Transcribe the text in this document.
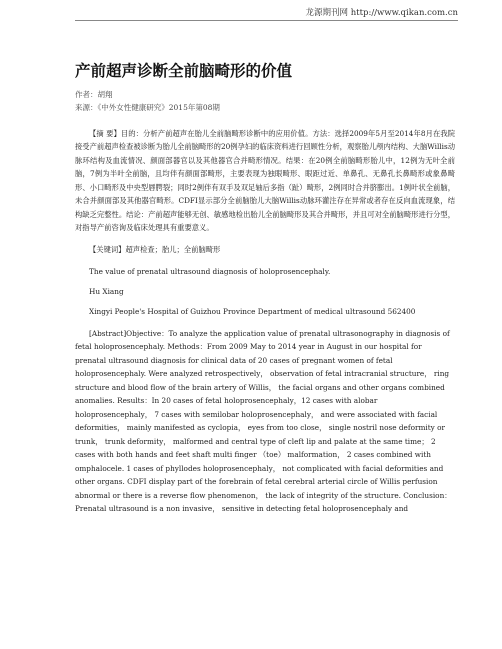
龙源期刊网 http://www.qikan.com.cn
产前超声诊断全前脑畸形的价值
作者：胡翔
来源：《中外女性健康研究》2015年第08期
【摘 要】目的：分析产前超声在胎儿全前脑畸形诊断中的应用价值。方法：选择2009年5月至2014年8月在我院接受产前超声检查被诊断为胎儿全前脑畸形的20例孕妇的临床资料进行回顾性分析，观察胎儿颅内结构、大脑Willis动脉环结构及血流情况、颜面部器官以及其他器官合并畸形情况。结果：在20例全前脑畸形胎儿中，12例为无叶全前脑，7例为半叶全前脑，且均伴有颜面部畸形，主要表现为独眼畸形、眼距过近、单鼻孔、无鼻孔长鼻畸形或象鼻畸形、小口畸形及中央型唇腭裂；同时2例伴有双手及双足轴后多指（趾）畸形，2例同时合并脐膨出。1例叶状全前脑，未合并颜面部及其他器官畸形。CDFI显示部分全前脑胎儿大脑Willis动脉环灌注存在异常或者存在反向血流现象，结构缺乏完整性。结论：产前超声能够无创、敏感地检出胎儿全前脑畸形及其合并畸形，并且可对全前脑畸形进行分型，对指导产前咨询及临床处理具有重要意义。
【关键词】超声检查；胎儿；全前脑畸形
The value of prenatal ultrasound diagnosis of holoprosencephaly.
Hu Xiang
Xingyi People's Hospital of Guizhou Province Department of medical ultrasound 562400
[Abstract]Objective：To analyze the application value of prenatal ultrasonography in diagnosis of fetal holoprosencephaly. Methods：From 2009 May to 2014 year in August in our hospital for prenatal ultrasound diagnosis for clinical data of 20 cases of pregnant women of fetal holoprosencephaly. Were analyzed retrospectively， observation of fetal intracranial structure， ring structure and blood flow of the brain artery of Willis， the facial organs and other organs combined anomalies. Results：In 20 cases of fetal holoprosencephaly，12 cases with alobar holoprosencephaly， 7 cases with semilobar holoprosencephaly， and were associated with facial deformities， mainly manifested as cyclopia， eyes from too close， single nostril nose deformity or trunk， trunk deformity， malformed and central type of cleft lip and palate at the same time； 2 cases with both hands and feet shaft multi finger （toe） malformation， 2 cases combined with omphalocele. 1 cases of phyllodes holoprosencephaly， not complicated with facial deformities and other organs. CDFI display part of the forebrain of fetal cerebral arterial circle of Willis perfusion abnormal or there is a reverse flow phenomenon， the lack of integrity of the structure. Conclusion：Prenatal ultrasound is a non invasive， sensitive in detecting fetal holoprosencephaly and
